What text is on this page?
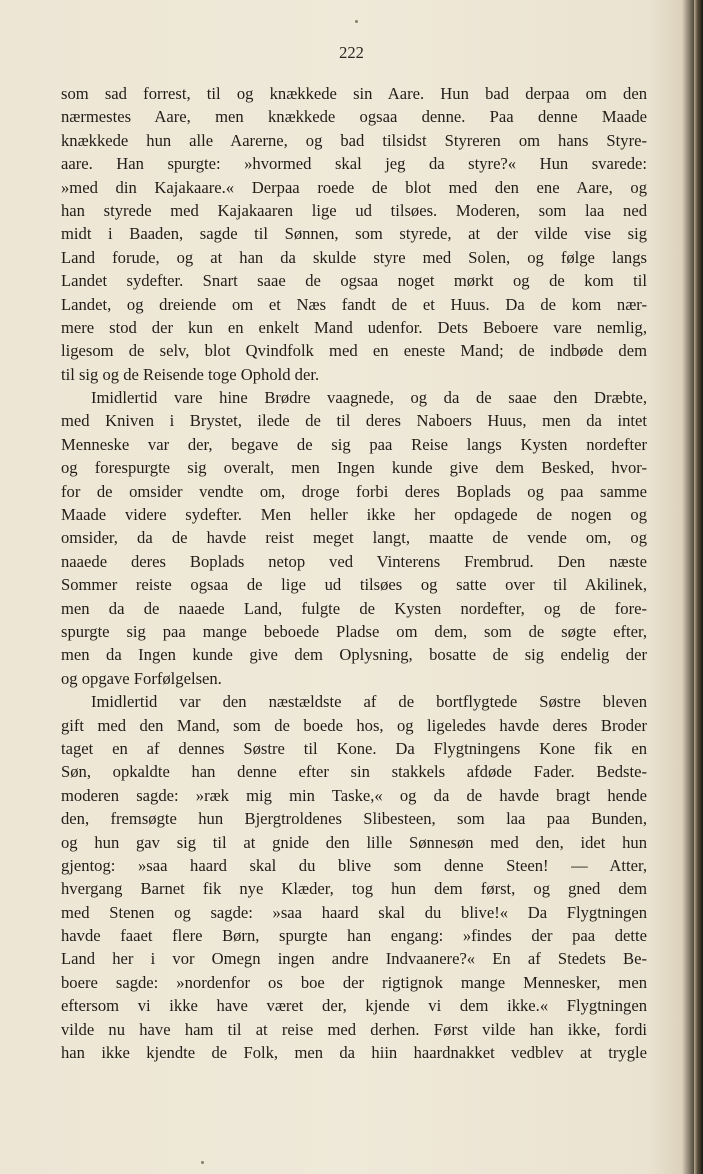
222

som sad forrest, til og knækkede sin Aare. Hun bad derpaa om den
nærmestes Aare, men knækkede ogsaa denne. Paa denne Maade
knækkede hun alle Aarerne, og bad tilsidst Styreren om hans Styre-
aare. Han spurgte: »hvormed skal jeg da styre?« Hun svarede:
»med din Kajakaare.« Derpaa roede de blot med den ene Aare, og
han styrede med Kajakaaren lige ud tilsøes. Moderen, som laa ned
midt i Baaden, sagde til Sønnen, som styrede, at der vilde vise sig
Land forude, og at han da skulde styre med Solen, og følge langs
Landet sydefter. Snart saae de ogsaa noget mørkt og de kom til
Landet, og dreiende om et Næs fandt de et Huus. Da de kom nær-
mere stod der kun en enkelt Mand udenfor. Dets Beboere vare nemlig,
ligesom de selv, blot Qvindfolk med en eneste Mand; de indbøde dem
til sig og de Reisende toge Ophold der.
Imidlertid vare hine Brødre vaagnede, og da de saae den Dræbte,
med Kniven i Brystet, ilede de til deres Naboers Huus, men da intet
Menneske var der, begave de sig paa Reise langs Kysten nordefter
og forespurgte sig overalt, men Ingen kunde give dem Besked, hvor-
for de omsider vendte om, droge forbi deres Boplads og paa samme
Maade videre sydefter. Men heller ikke her opdagede de nogen og
omsider, da de havde reist meget langt, maatte de vende om, og
naaede deres Boplads netop ved Vinterens Frembrud. Den næste
Sommer reiste ogsaa de lige ud tilsøes og satte over til Akilinek,
men da de naaede Land, fulgte de Kysten nordefter, og de fore-
spurgte sig paa mange beboede Pladse om dem, som de søgte efter,
men da Ingen kunde give dem Oplysning, bosatte de sig endelig der
og opgave Forfølgelsen.
Imidlertid var den næstældste af de bortflygtede Søstre bleven
gift med den Mand, som de boede hos, og ligeledes havde deres Broder
taget en af dennes Søstre til Kone. Da Flygtningens Kone fik en
Søn, opkaldte han denne efter sin stakkels afdøde Fader. Bedste-
moderen sagde: »ræk mig min Taske,« og da de havde bragt hende
den, fremsøgte hun Bjergtroldenes Slibesteen, som laa paa Bunden,
og hun gav sig til at gnide den lille Sønnesøn med den, idet hun
gjentog: »saa haard skal du blive som denne Steen! — Atter,
hvergang Barnet fik nye Klæder, tog hun dem først, og gned dem
med Stenen og sagde: »saa haard skal du blive!« Da Flygtningen
havde faaet flere Børn, spurgte han engang: »findes der paa dette
Land her i vor Omegn ingen andre Indvaanere?« En af Stedets Be-
boere sagde: »nordenfor os boe der rigtignok mange Mennesker, men
eftersom vi ikke have været der, kjende vi dem ikke.« Flygtningen
vilde nu have ham til at reise med derhen. Først vilde han ikke, fordi
han ikke kjendte de Folk, men da hiin haardnakket vedblev at trygle
